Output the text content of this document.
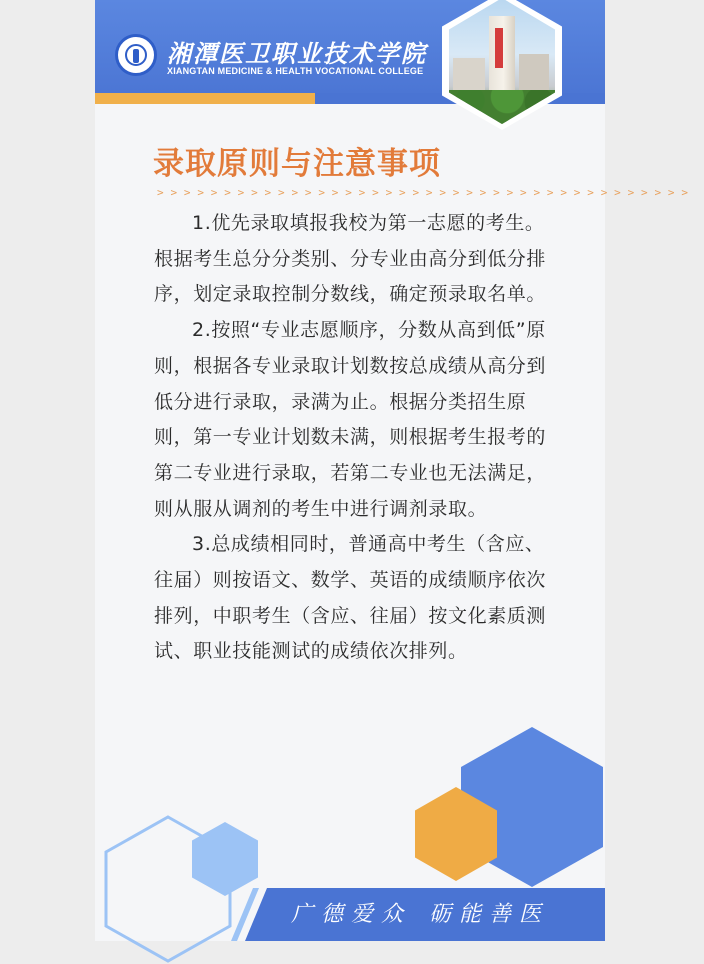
湘潭医卫职业技术学院
XIANGTAN MEDICINE & HEALTH VOCATIONAL COLLEGE
录取原则与注意事项
> > > > > > > > > > > > > > > > > > > > > > > > > > > > > > > > > > > > > > > >

1.优先录取填报我校为第一志愿的考生。根据考生总分分类别、分专业由高分到低分排序，划定录取控制分数线，确定预录取名单。

2.按照“专业志愿顺序，分数从高到低”原则，根据各专业录取计划数按总成绩从高分到低分进行录取，录满为止。根据分类招生原则，第一专业计划数未满，则根据考生报考的第二专业进行录取，若第二专业也无法满足，则从服从调剂的考生中进行调剂录取。

3.总成绩相同时，普通高中考生（含应、往届）则按语文、数学、英语的成绩顺序依次排列，中职考生（含应、往届）按文化素质测试、职业技能测试的成绩依次排列。

广德爱众 砺能善医
